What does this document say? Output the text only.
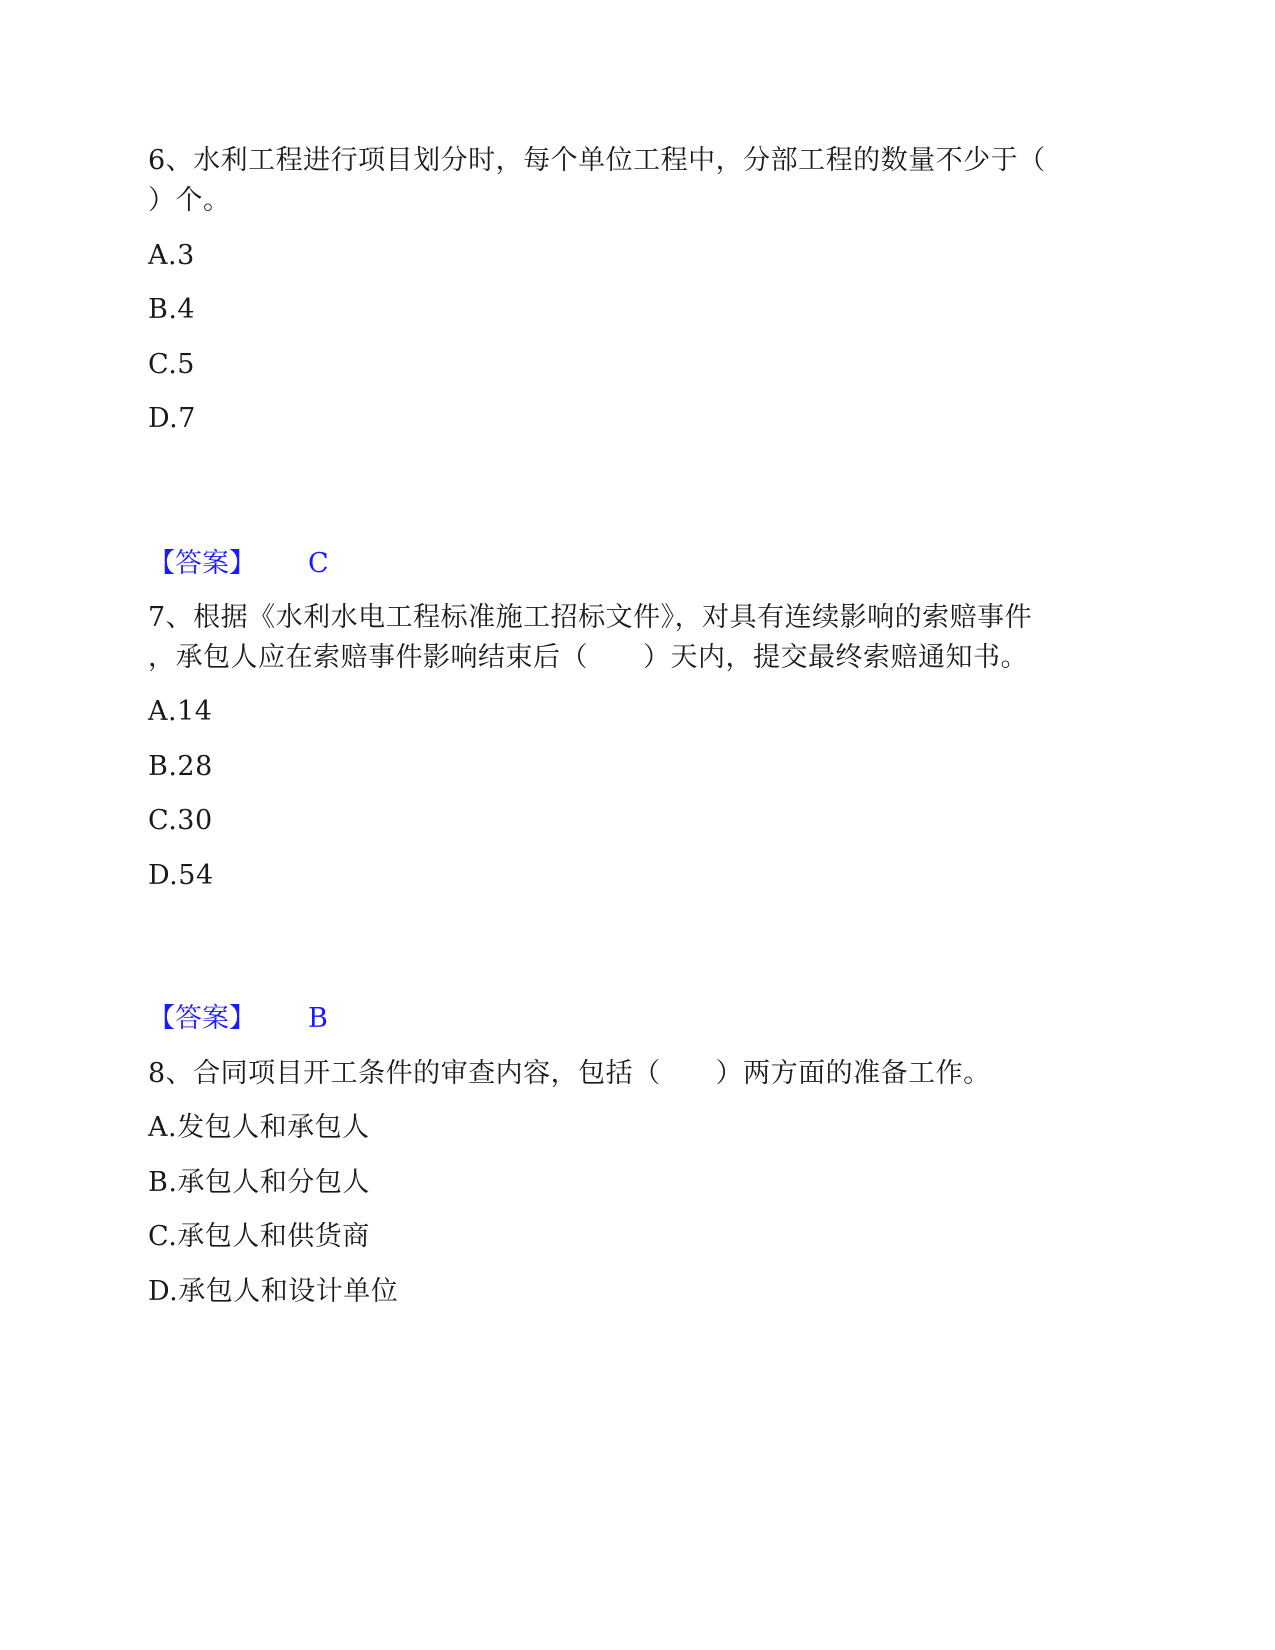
6、水利工程进行项目划分时，每个单位工程中，分部工程的数量不少于（
）个。
A.3
B.4
C.5
D.7
【答案】 C
7、根据《水利水电工程标准施工招标文件》，对具有连续影响的索赔事件
，承包人应在索赔事件影响结束后（　　）天内，提交最终索赔通知书。
A.14
B.28
C.30
D.54
【答案】 B
8、合同项目开工条件的审查内容，包括（　　）两方面的准备工作。
A.发包人和承包人
B.承包人和分包人
C.承包人和供货商
D.承包人和设计单位
